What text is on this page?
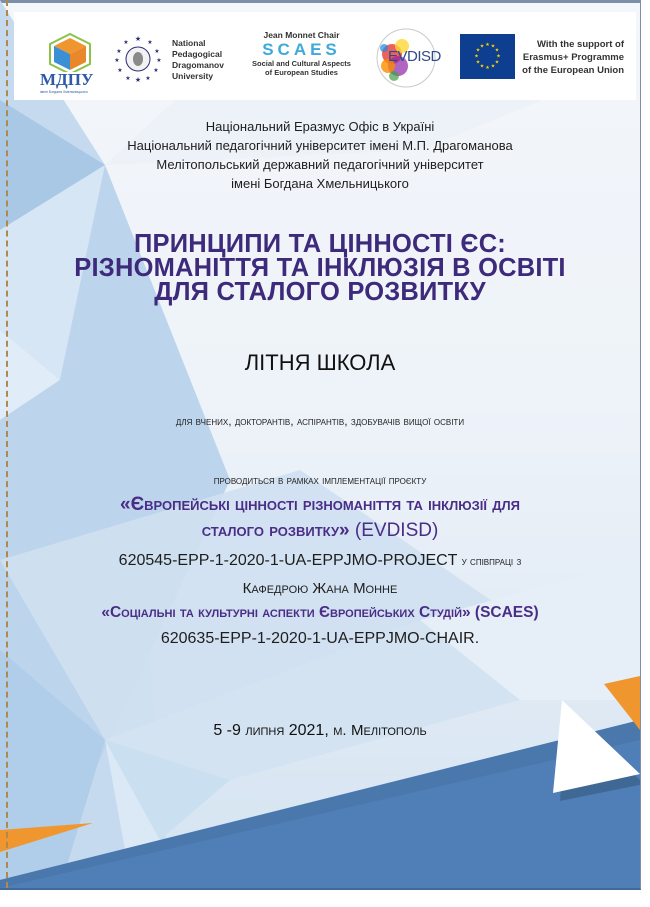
МДПУ
імені Богдана Хмельницького
★
★	★
★	★
★	★
★	★
★ ★
★
National
Pedagogical
Dragomanov
University
Jean Monnet Chair
SCAES
Social and Cultural Aspects
of European Studies
EVDISD
★ ★
★
★
★
★
★
★
★
★
★
★	With the support of
Erasmus+ Programme
of the European Union
Національний Еразмус Офіс в Україні
Національний педагогічний університет імені М.П. Драгоманова
Мелітопольський державний педагогічний університет
імені Богдана Хмельницького
ПРИНЦИПИ ТА ЦІННОСТІ ЄС:
РІЗНОМАНІТТЯ ТА ІНКЛЮЗІЯ В ОСВІТІ
ДЛЯ СТАЛОГО РОЗВИТКУ
ЛІТНЯ ШКОЛА
для вчених, докторантів, аспірантів, здобувачів вищої освіти
проводиться в рамках імплементації проєкту
«Європейські цінності різноманіття та інклюзії для
сталого розвитку» (EVDISD)
620545-EPP-1-2020-1-UA-EPPJMO-PROJECT у співпраці з
Кафедрою Жана Монне
«Соціальні та культурні аспекти Європейських Студій» (SCAES)
620635-EPP-1-2020-1-UA-EPPJMO-CHAIR.
5 -9 липня 2021, м. Мелітополь
